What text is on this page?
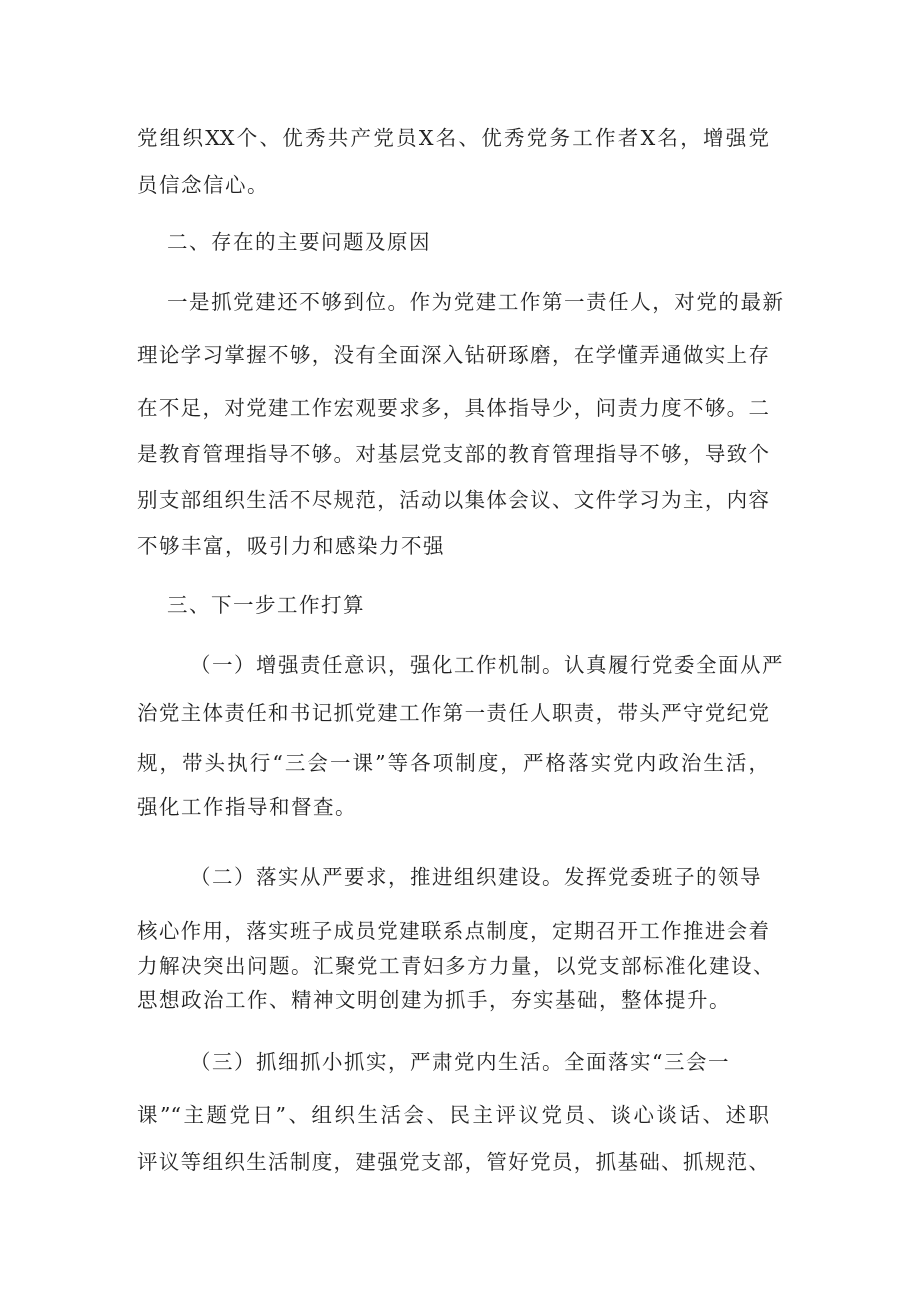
党组织XX个、优秀共产党员X名、优秀党务工作者X名，增强党
员信念信心。
二、存在的主要问题及原因
一是抓党建还不够到位。作为党建工作第一责任人，对党的最新
理论学习掌握不够，没有全面深入钻研琢磨，在学懂弄通做实上存
在不足，对党建工作宏观要求多，具体指导少，问责力度不够。二
是教育管理指导不够。对基层党支部的教育管理指导不够，导致个
别支部组织生活不尽规范，活动以集体会议、文件学习为主，内容
不够丰富，吸引力和感染力不强
三、下一步工作打算
（一）增强责任意识，强化工作机制。认真履行党委全面从严
治党主体责任和书记抓党建工作第一责任人职责，带头严守党纪党
规，带头执行“三会一课”等各项制度，严格落实党内政治生活，
强化工作指导和督查。
（二）落实从严要求，推进组织建设。发挥党委班子的领导
核心作用，落实班子成员党建联系点制度，定期召开工作推进会着
力解决突出问题。汇聚党工青妇多方力量，以党支部标准化建设、
思想政治工作、精神文明创建为抓手，夯实基础，整体提升。
（三）抓细抓小抓实，严肃党内生活。全面落实“三会一
课”“主题党日”、组织生活会、民主评议党员、谈心谈话、述职
评议等组织生活制度，建强党支部，管好党员，抓基础、抓规范、
